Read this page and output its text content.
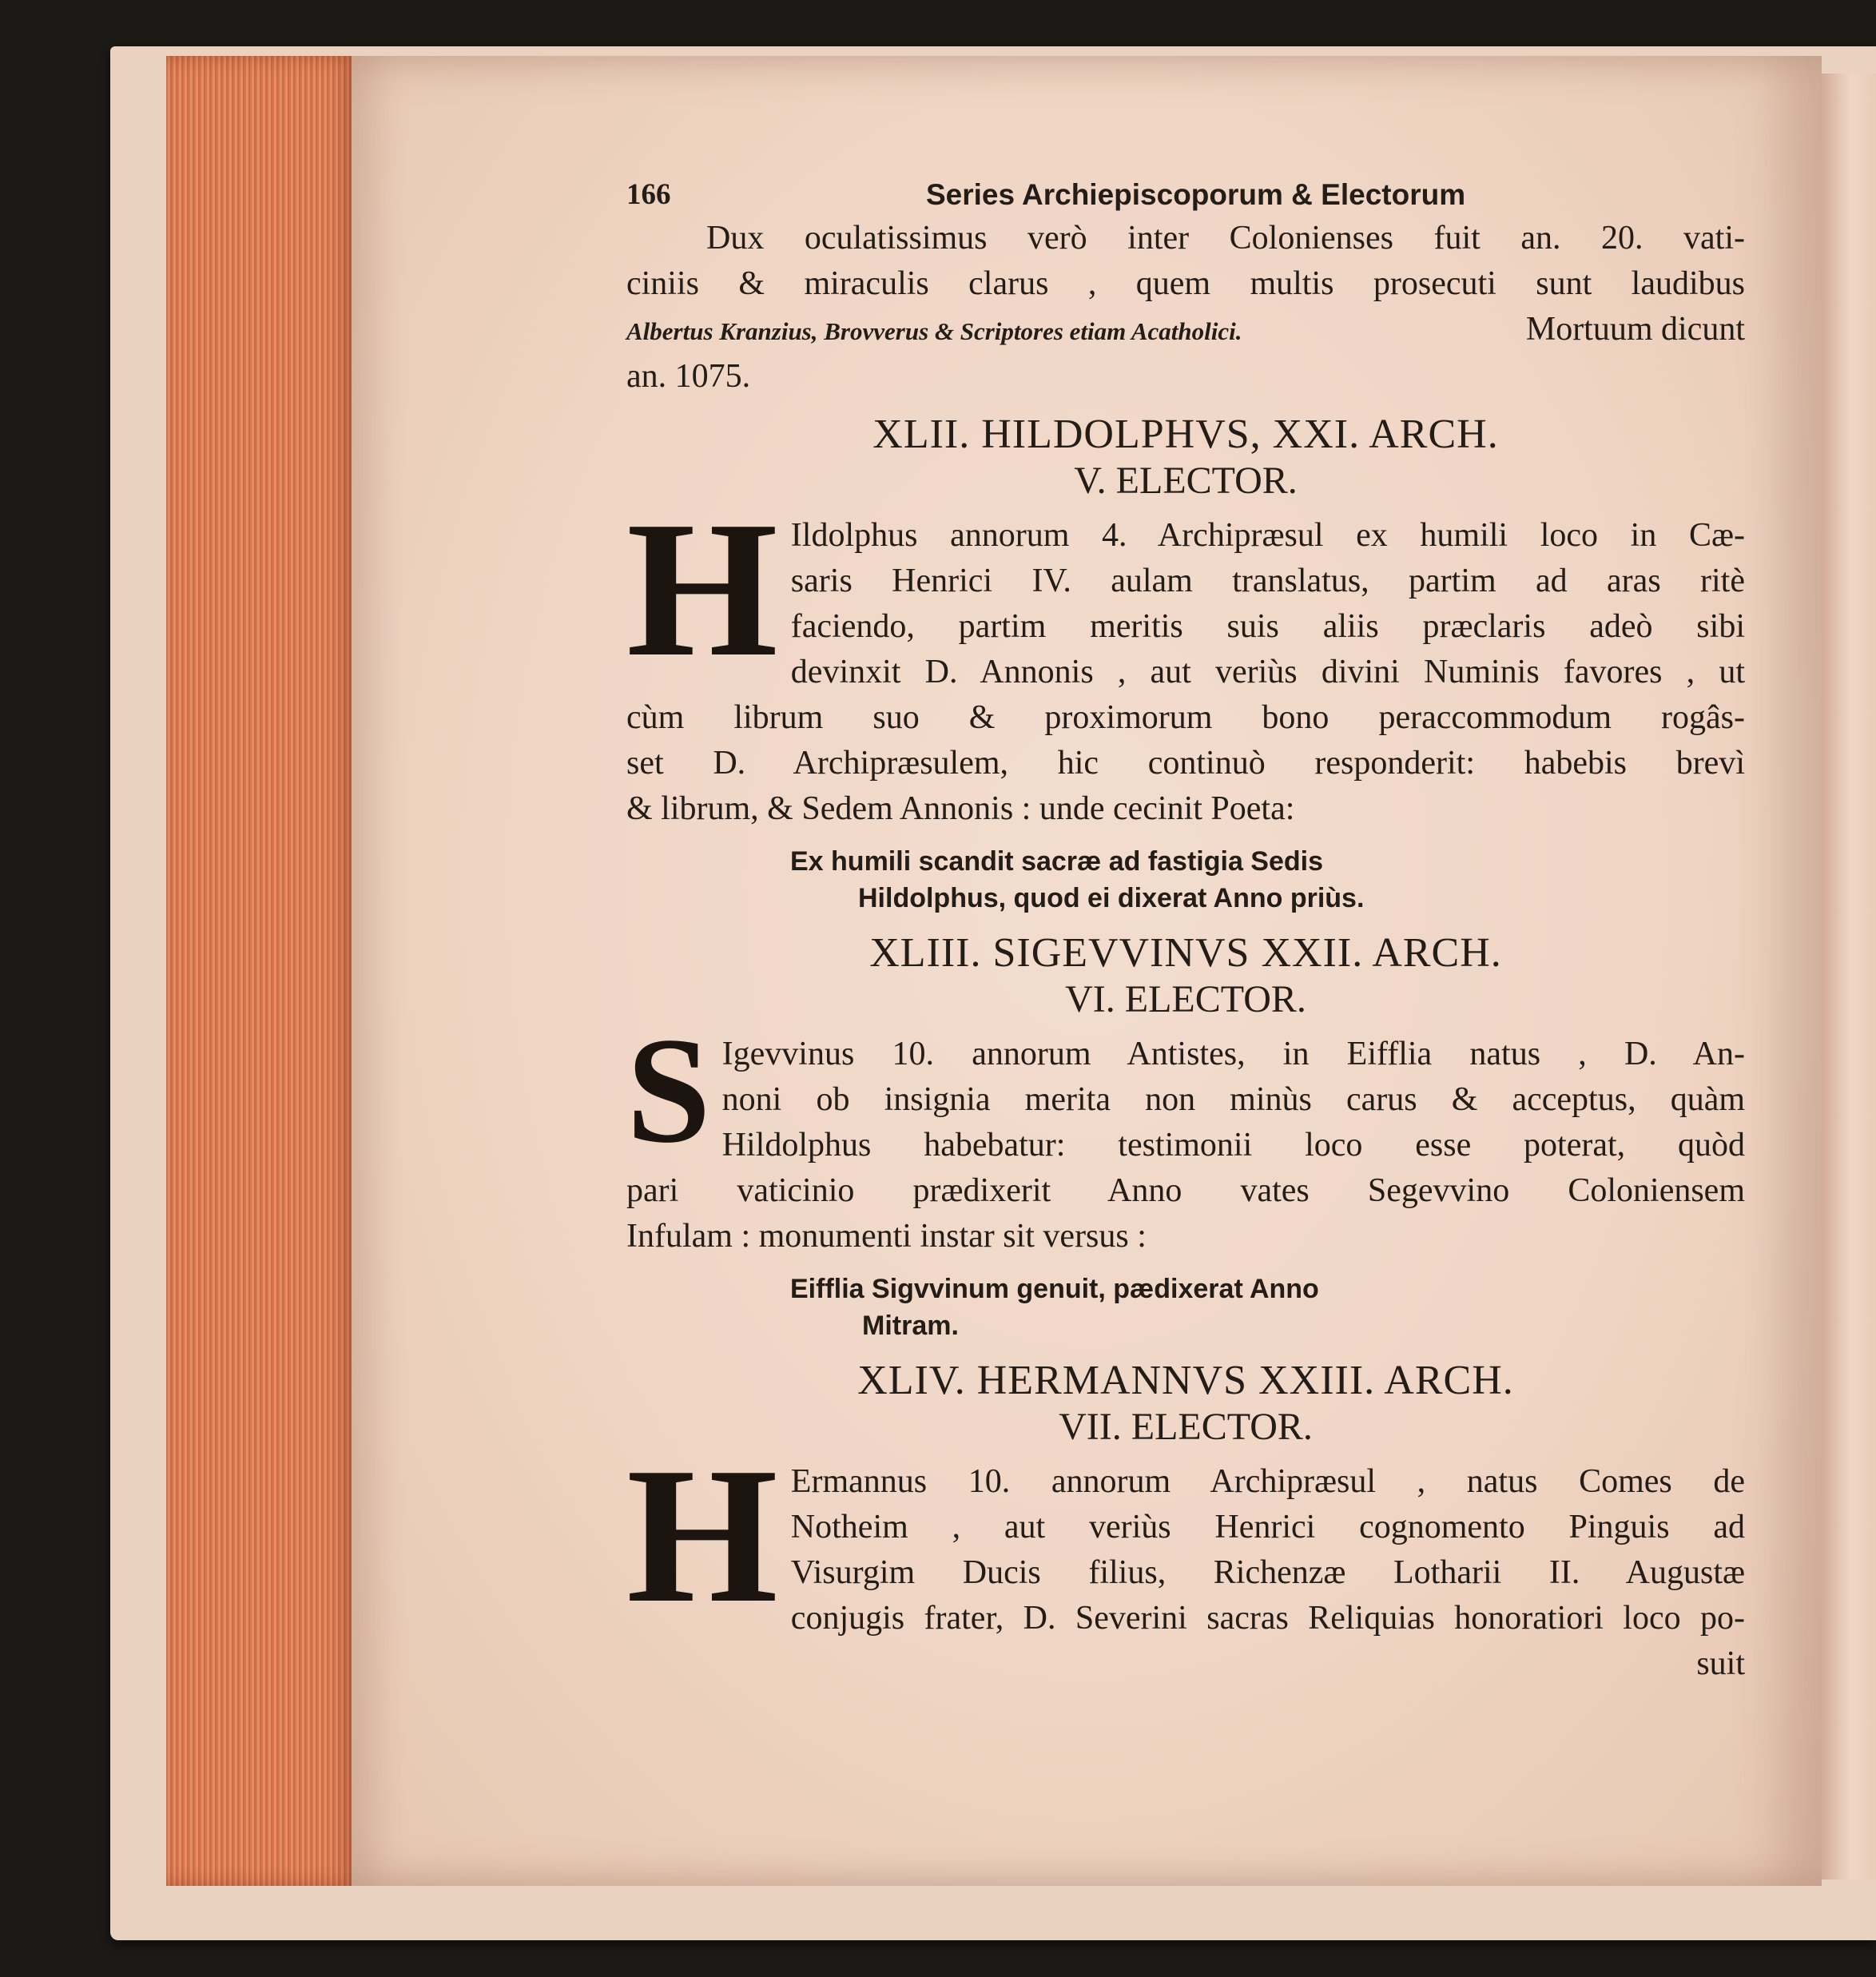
166	Series Archiepiscoporum & Electorum

Dux oculatissimus verò inter Colonienses fuit an. 20. vati-

ciniis & miraculis clarus , quem multis prosecuti sunt laudibus

Albertus Kranzius, Brovverus & Scriptores etiam Acatholici.	Mortuum dicunt

an. 1075.

XLII. HILDOLPHVS, XXI. ARCH.
V. ELECTOR.
H Ildolphus annorum 4. Archipræsul ex humili loco in Cæ-

saris Henrici IV. aulam translatus, partim ad aras ritè

faciendo, partim meritis suis aliis præclaris adeò sibi

devinxit D. Annonis , aut veriùs divini Numinis favores , ut

cùm librum suo & proximorum bono peraccommodum rogâs-

set D. Archipræsulem, hic continuò responderit: habebis brevì

& librum, & Sedem Annonis : unde cecinit Poeta:

Ex humili scandit sacræ ad fastigia Sedis
Hildolphus, quod ei dixerat Anno priùs.
XLIII. SIGEVVINVS XXII. ARCH.
VI. ELECTOR.
S Igevvinus 10. annorum Antistes, in Eifflia natus , D. An-

noni ob insignia merita non minùs carus & acceptus, quàm

Hildolphus habebatur: testimonii loco esse poterat, quòd

pari vaticinio prædixerit Anno vates Segevvino Coloniensem

Infulam : monumenti instar sit versus :

Eifflia Sigvvinum genuit, pædixerat Anno
Mitram.
XLIV. HERMANNVS XXIII. ARCH.
VII. ELECTOR.
H Ermannus 10. annorum Archipræsul , natus Comes de

Notheim , aut veriùs Henrici cognomento Pinguis ad

Visurgim Ducis filius, Richenzæ Lotharii II. Augustæ

conjugis frater, D. Severini sacras Reliquias honoratiori loco po-

suit
